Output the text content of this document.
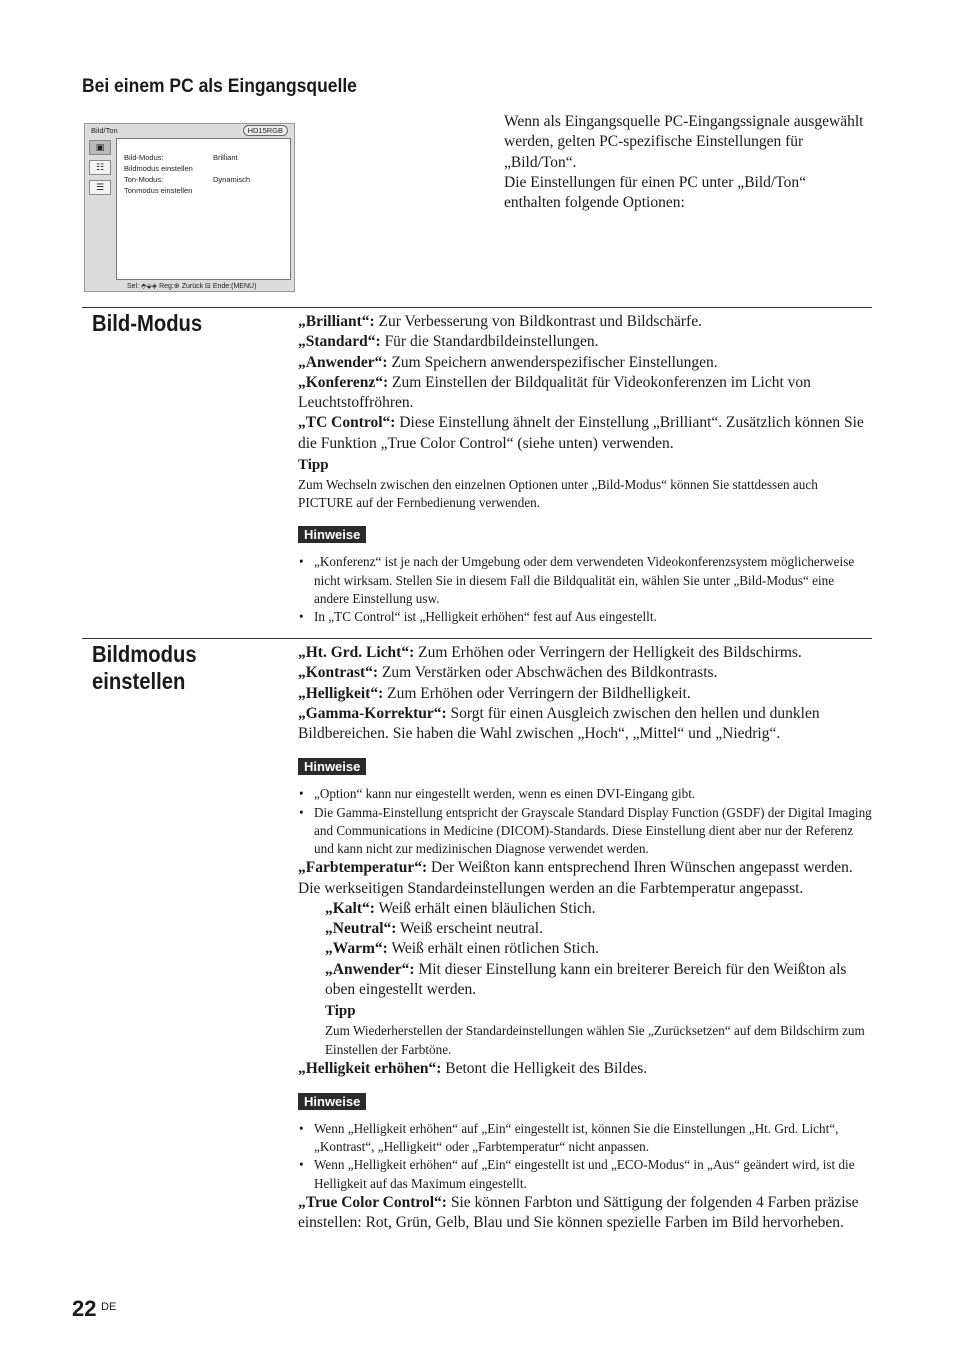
Bei einem PC als Eingangsquelle
Bild/Ton	HD15RGB
▣
☷
☰
Bild-Modus:	Brilliant
Bildmodus einstellen
Ton-Modus:	Dynamisch
Tonmodus einstellen
Sel: ⬘⬙◈ Reg:⊕ Zurück ⊟ Ende:(MENU)
Wenn als Eingangsquelle PC-Eingangssignale ausgewählt werden, gelten PC-spezifische Einstellungen für „Bild/Ton“.
Die Einstellungen für einen PC unter „Bild/Ton“ enthalten folgende Optionen:
Bild-Modus	„Brilliant“: Zur Verbesserung von Bildkontrast und Bildschärfe.

„Standard“: Für die Standardbildeinstellungen.

„Anwender“: Zum Speichern anwenderspezifischer Einstellungen.

„Konferenz“: Zum Einstellen der Bildqualität für Videokonferenzen im Licht von Leuchtstoffröhren.

„TC Control“: Diese Einstellung ähnelt der Einstellung „Brilliant“. Zusätzlich können Sie die Funktion „True Color Control“ (siehe unten) verwenden.

Tipp

Zum Wechseln zwischen den einzelnen Optionen unter „Bild-Modus“ können Sie stattdessen auch PICTURE auf der Fernbedienung verwenden.

Hinweise
• „Konferenz“ ist je nach der Umgebung oder dem verwendeten Videokonferenzsystem möglicherweise nicht wirksam. Stellen Sie in diesem Fall die Bildqualität ein, wählen Sie unter „Bild-Modus“ eine andere Einstellung usw.
• In „TC Control“ ist „Helligkeit erhöhen“ fest auf Aus eingestellt.
Bildmodus
einstellen

„Ht. Grd. Licht“: Zum Erhöhen oder Verringern der Helligkeit des Bildschirms.

„Kontrast“: Zum Verstärken oder Abschwächen des Bildkontrasts.

„Helligkeit“: Zum Erhöhen oder Verringern der Bildhelligkeit.

„Gamma-Korrektur“: Sorgt für einen Ausgleich zwischen den hellen und dunklen Bildbereichen. Sie haben die Wahl zwischen „Hoch“, „Mittel“ und „Niedrig“.

Hinweise
• „Option“ kann nur eingestellt werden, wenn es einen DVI-Eingang gibt.
• Die Gamma-Einstellung entspricht der Grayscale Standard Display Function (GSDF) der Digital Imaging and Communications in Medicine (DICOM)-Standards. Diese Einstellung dient aber nur der Referenz und kann nicht zur medizinischen Diagnose verwendet werden.

„Farbtemperatur“: Der Weißton kann entsprechend Ihren Wünschen angepasst werden. Die werkseitigen Standardeinstellungen werden an die Farbtemperatur angepasst.

„Kalt“: Weiß erhält einen bläulichen Stich.

„Neutral“: Weiß erscheint neutral.

„Warm“: Weiß erhält einen rötlichen Stich.

„Anwender“: Mit dieser Einstellung kann ein breiterer Bereich für den Weißton als oben eingestellt werden.

Tipp

Zum Wiederherstellen der Standardeinstellungen wählen Sie „Zurücksetzen“ auf dem Bildschirm zum Einstellen der Farbtöne.

„Helligkeit erhöhen“: Betont die Helligkeit des Bildes.

Hinweise
• Wenn „Helligkeit erhöhen“ auf „Ein“ eingestellt ist, können Sie die Einstellungen „Ht. Grd. Licht“, „Kontrast“, „Helligkeit“ oder „Farbtemperatur“ nicht anpassen.
• Wenn „Helligkeit erhöhen“ auf „Ein“ eingestellt ist und „ECO-Modus“ in „Aus“ geändert wird, ist die Helligkeit auf das Maximum eingestellt.

„True Color Control“: Sie können Farbton und Sättigung der folgenden 4 Farben präzise einstellen: Rot, Grün, Gelb, Blau und Sie können spezielle Farben im Bild hervorheben.

22 DE
